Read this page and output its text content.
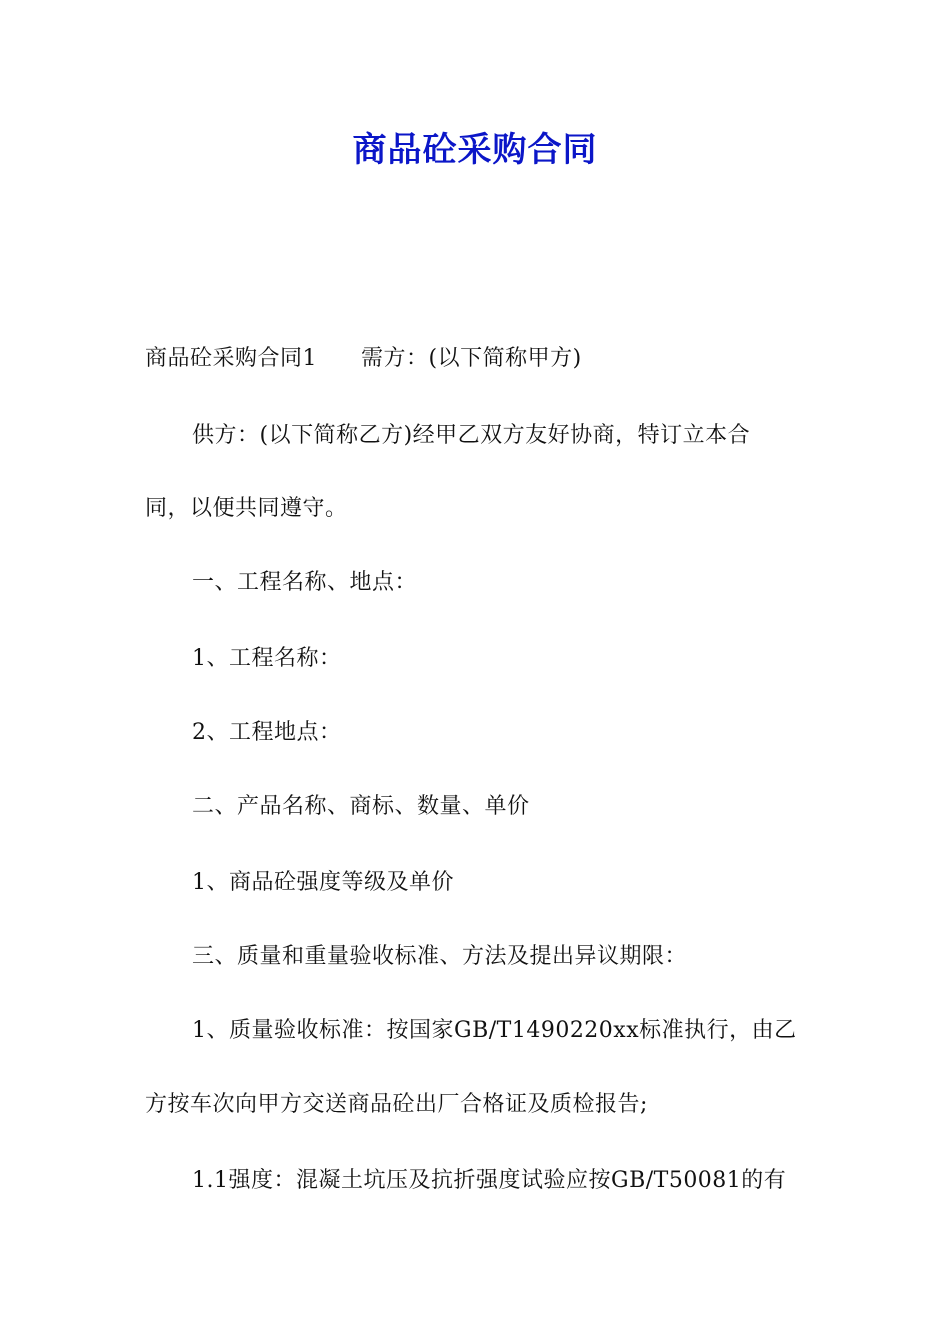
商品砼采购合同
商品砼采购合同1 需方：(以下简称甲方)
供方：(以下简称乙方)经甲乙双方友好协商，特订立本合
同，以便共同遵守。
一、工程名称、地点：
1、工程名称：
2、工程地点：
二、产品名称、商标、数量、单价
1、商品砼强度等级及单价
三、质量和重量验收标准、方法及提出异议期限：
1、质量验收标准：按国家GB/T1490220xx标准执行，由乙
方按车次向甲方交送商品砼出厂合格证及质检报告;
1.1强度：混凝土坑压及抗折强度试验应按GB/T50081的有
